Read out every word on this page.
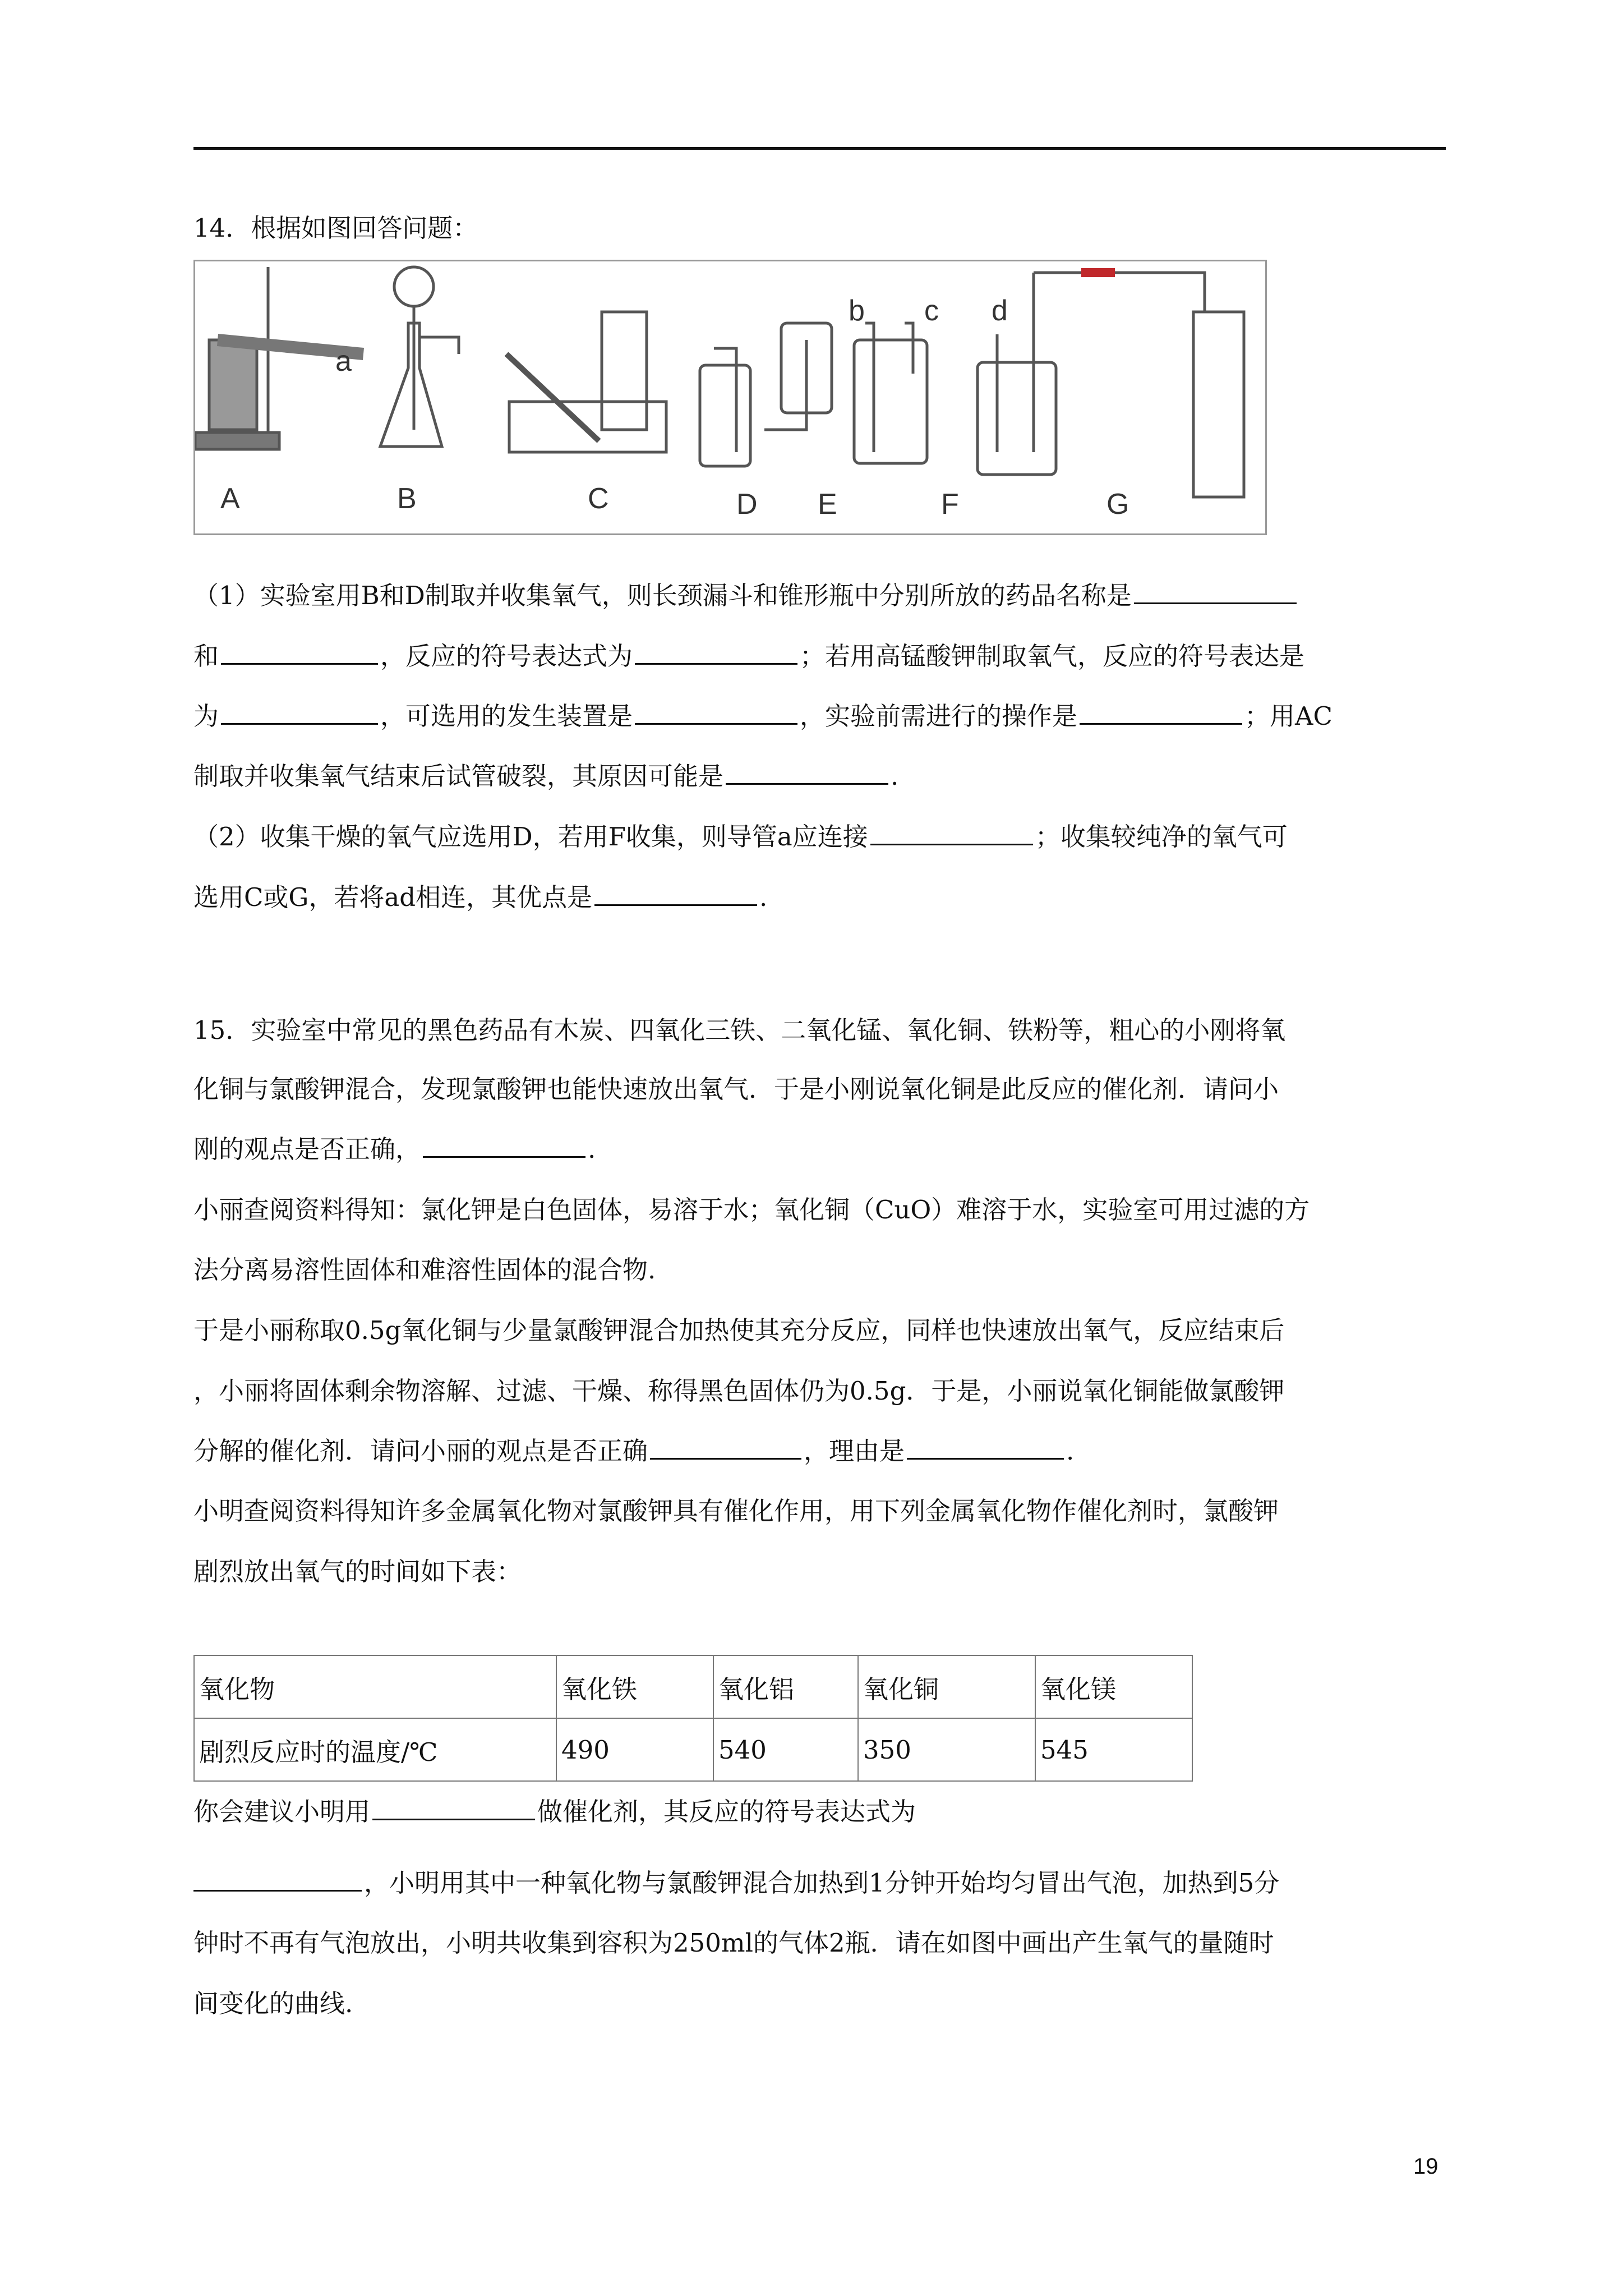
14．根据如图回答问题：
a
b c d
A	B	C	D E	F	G
（1）实验室用B和D制取并收集氧气，则长颈漏斗和锥形瓶中分别所放的药品名称是
和	，反应的符号表达式为	；若用高锰酸钾制取氧气，反应的符号表达是
为	，可选用的发生装置是	，实验前需进行的操作是	；用AC
制取并收集氧气结束后试管破裂，其原因可能是	.
（2）收集干燥的氧气应选用D，若用F收集，则导管a应连接	；收集较纯净的氧气可
选用C或G，若将ad相连，其优点是	.
15．实验室中常见的黑色药品有木炭、四氧化三铁、二氧化锰、氧化铜、铁粉等，粗心的小刚将氧
化铜与氯酸钾混合，发现氯酸钾也能快速放出氧气．于是小刚说氧化铜是此反应的催化剂．请问小
刚的观点是否正确，	.
小丽查阅资料得知：氯化钾是白色固体，易溶于水；氧化铜（CuO）难溶于水，实验室可用过滤的方
法分离易溶性固体和难溶性固体的混合物.
于是小丽称取0.5g氧化铜与少量氯酸钾混合加热使其充分反应，同样也快速放出氧气，反应结束后
，小丽将固体剩余物溶解、过滤、干燥、称得黑色固体仍为0.5g．于是，小丽说氧化铜能做氯酸钾
分解的催化剂．请问小丽的观点是否正确	，理由是	.
小明查阅资料得知许多金属氧化物对氯酸钾具有催化作用，用下列金属氧化物作催化剂时，氯酸钾
剧烈放出氧气的时间如下表：
氧化物	氧化铁	氧化铝	氧化铜	氧化镁
剧烈反应时的温度/℃	490	540	350	545
你会建议小明用	做催化剂，其反应的符号表达式为
，小明用其中一种氧化物与氯酸钾混合加热到1分钟开始均匀冒出气泡，加热到5分
钟时不再有气泡放出，小明共收集到容积为250ml的气体2瓶．请在如图中画出产生氧气的量随时
间变化的曲线.
19
